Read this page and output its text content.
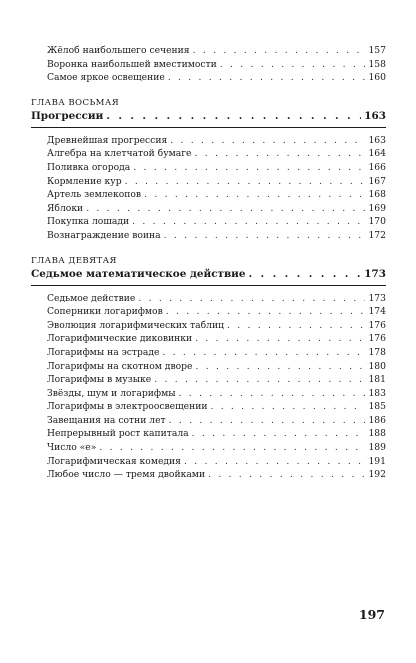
Жёлоб наибольшего сечения . . .	157
Воронка наибольшей вместимости . . .	158
Самое яркое освещение . . .	160
ГЛАВА ВОСЬМАЯ
Прогрессии . . .	163
Древнейшая прогрессия . . .	163
Алгебра на клетчатой бумаге . . .	164
Поливка огорода . . .	166
Кормление кур . . .	167
Артель землекопов . . .	168
Яблоки . . .	169
Покупка лошади . . .	170
Вознаграждение воина . . .	172
ГЛАВА ДЕВЯТАЯ
Седьмое математическое действие . . .	173
Седьмое действие . . .	173
Соперники логарифмов . . .	174
Эволюция логарифмических таблиц . . .	176
Логарифмические диковинки . . .	176
Логарифмы на эстраде . . .	178
Логарифмы на скотном дворе . . .	180
Логарифмы в музыке . . .	181
Звёзды, шум и логарифмы . . .	183
Логарифмы в электроосвещении . . .	185
Завещания на сотни лет . . .	186
Непрерывный рост капитала . . .	188
Число «e» . . .	189
Логарифмическая комедия . . .	191
Любое число — тремя двойками . . .	192
197
